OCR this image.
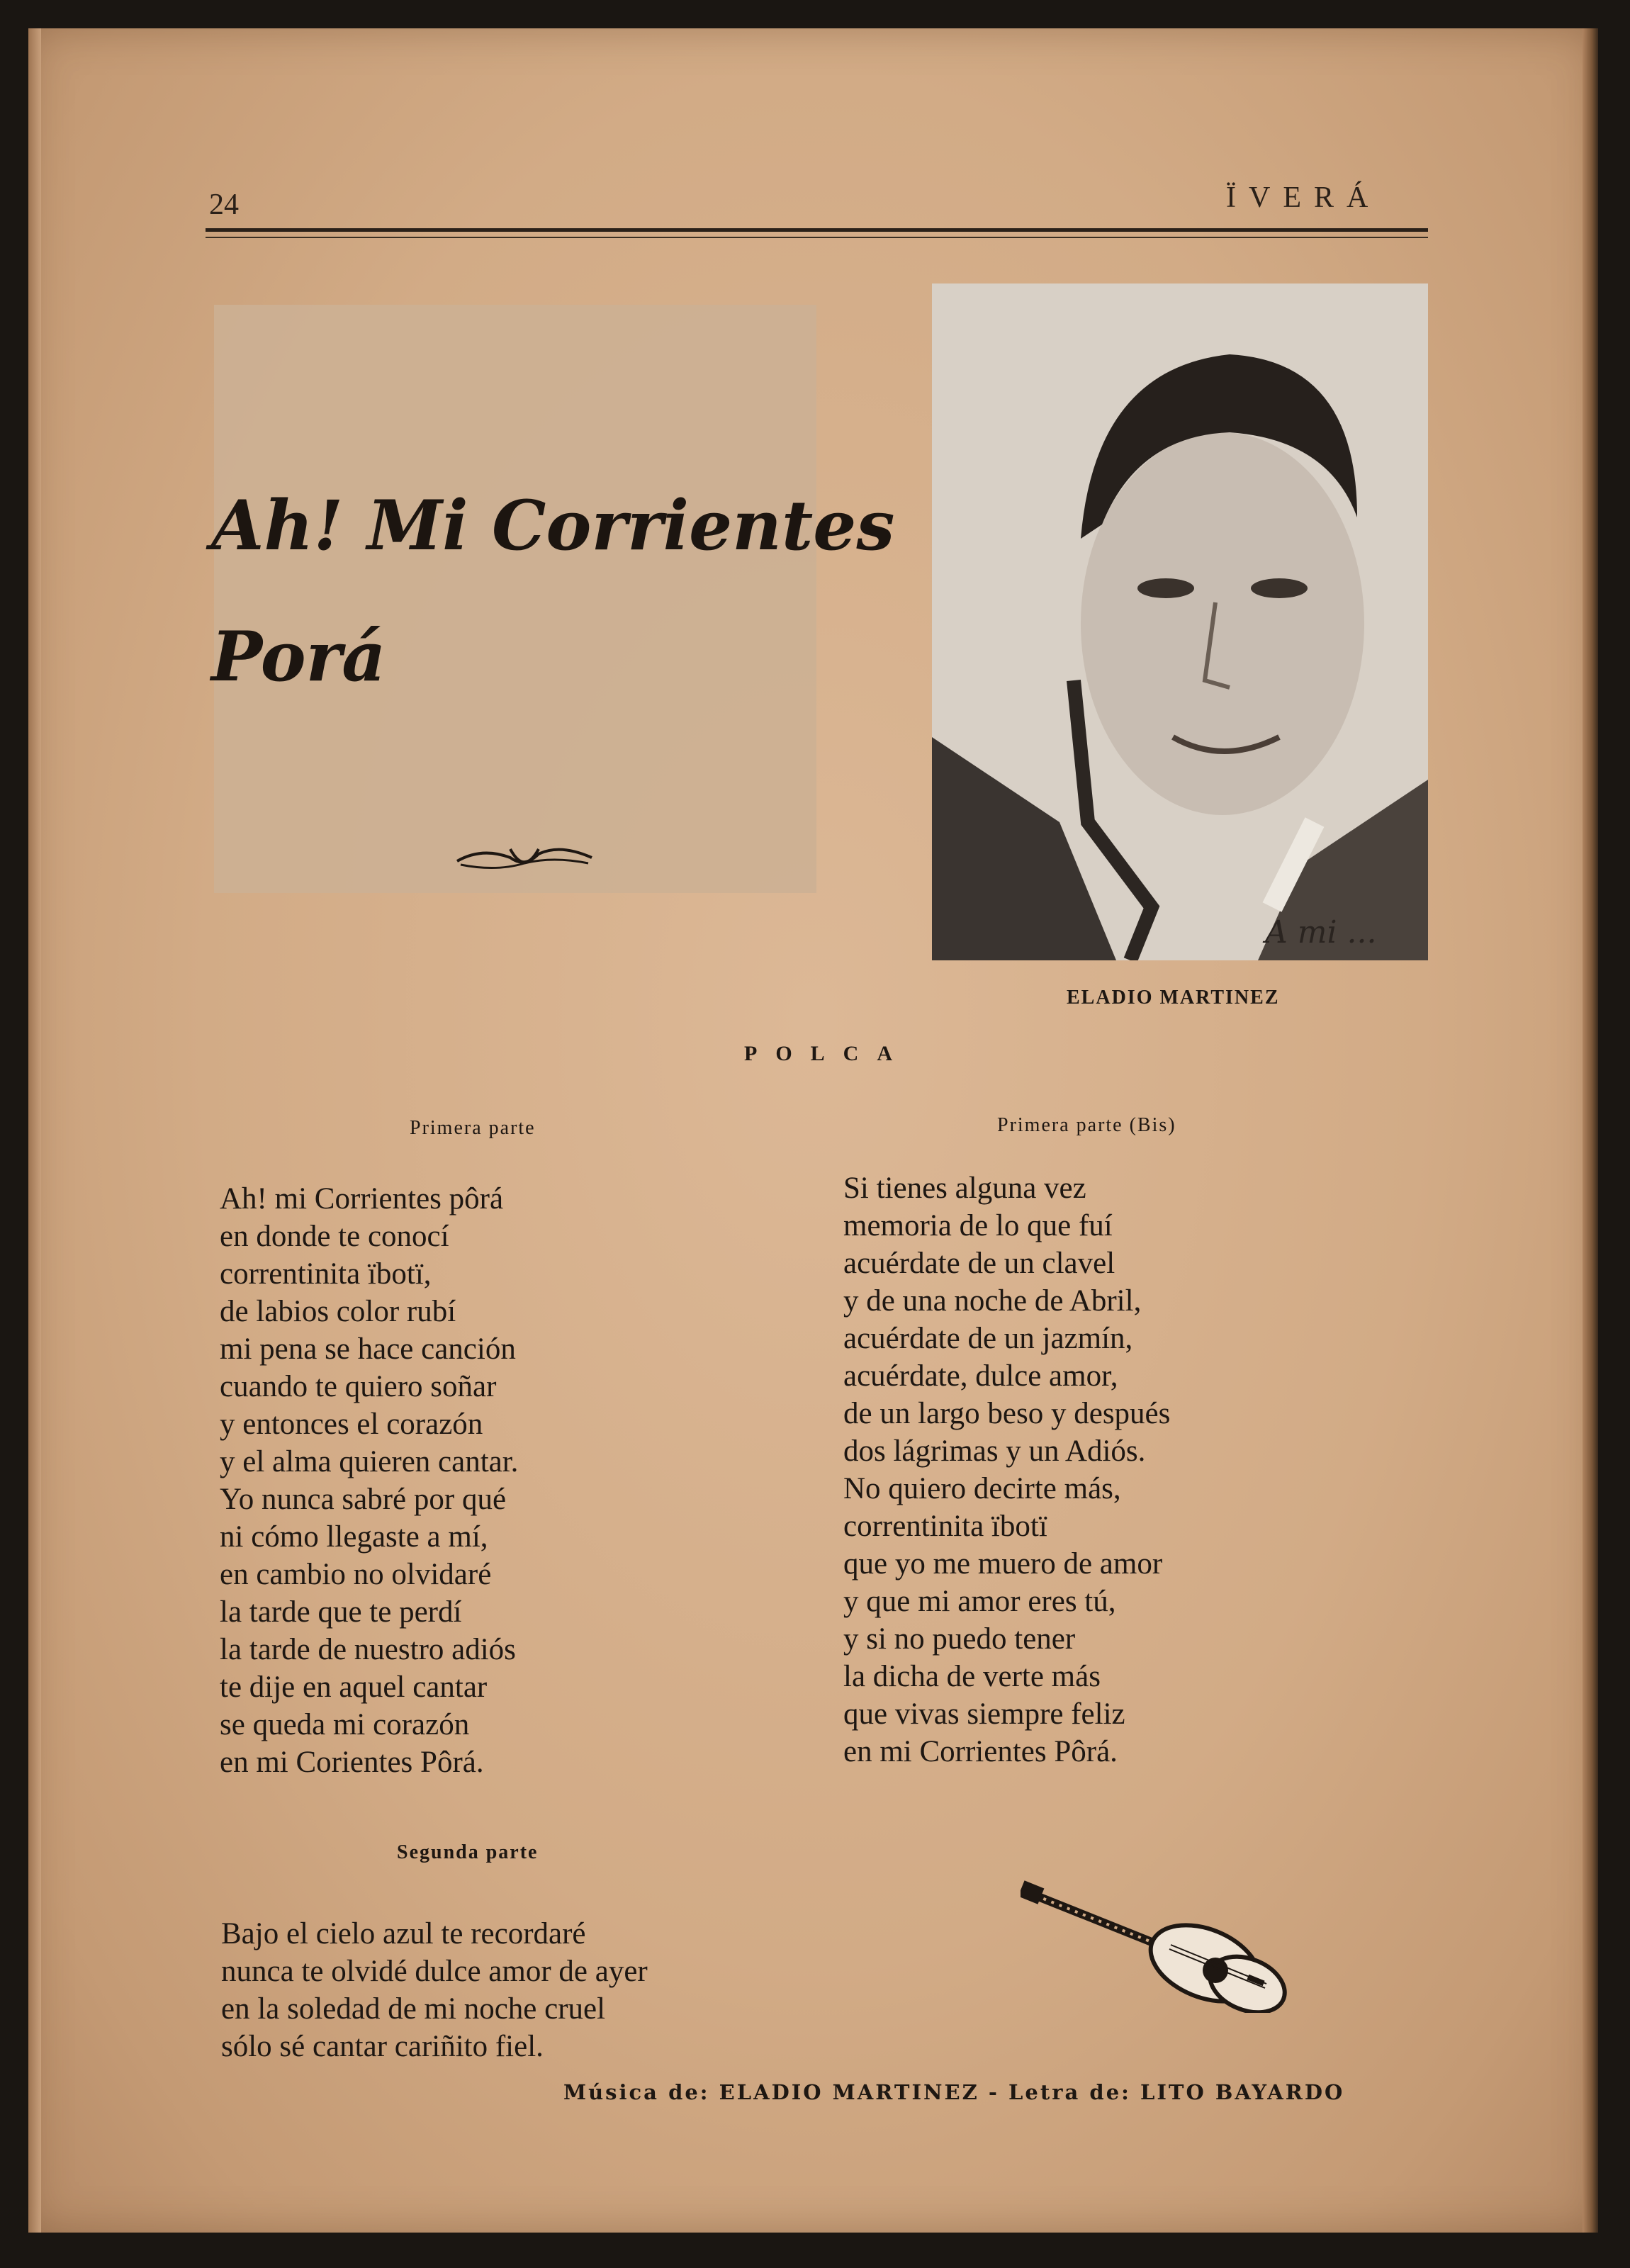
24	ÏVERÁ
Ah! Mi Corrientes
Porá
A mi ...
ELADIO MARTINEZ
POLCA
Primera parte
Ah! mi Corrientes pôrá
en donde te conocí
correntinita ïbotï,
de labios color rubí
mi pena se hace canción
cuando te quiero soñar
y entonces el corazón
y el alma quieren cantar.
Yo nunca sabré por qué
ni cómo llegaste a mí,
en cambio no olvidaré
la tarde que te perdí
la tarde de nuestro adiós
te dije en aquel cantar
se queda mi corazón
en mi Corientes Pôrá.
Primera parte (Bis)
Si tienes alguna vez
memoria de lo que fuí
acuérdate de un clavel
y de una noche de Abril,
acuérdate de un jazmín,
acuérdate, dulce amor,
de un largo beso y después
dos lágrimas y un Adiós.
No quiero decirte más,
correntinita ïbotï
que yo me muero de amor
y que mi amor eres tú,
y si no puedo tener
la dicha de verte más
que vivas siempre feliz
en mi Corrientes Pôrá.
Segunda parte
Bajo el cielo azul te recordaré
nunca te olvidé dulce amor de ayer
en la soledad de mi noche cruel
sólo sé cantar cariñito fiel.
Música de: ELADIO MARTINEZ - Letra de: LITO BAYARDO
